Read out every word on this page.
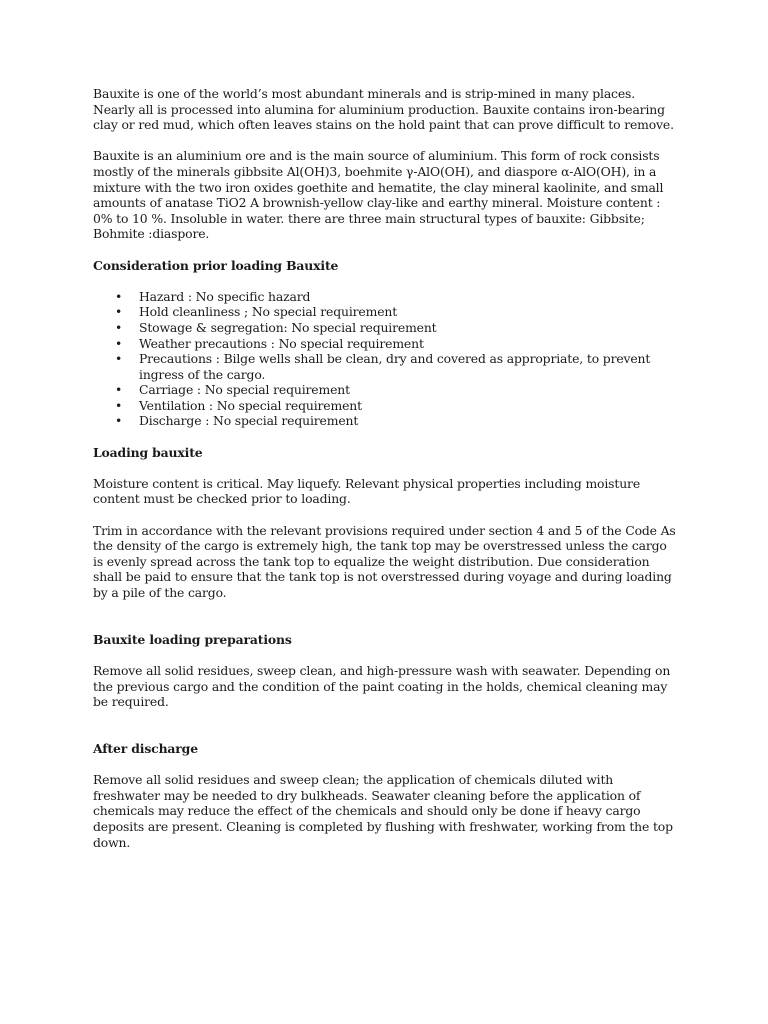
Bauxite is one of the world’s most abundant minerals and is strip-mined in many places. Nearly all is processed into alumina for aluminium production. Bauxite contains iron-bearing clay or red mud, which often leaves stains on the hold paint that can prove difficult to remove.

Bauxite is an aluminium ore and is the main source of aluminium. This form of rock consists mostly of the minerals gibbsite Al(OH)3, boehmite γ-AlO(OH), and diaspore α-AlO(OH), in a mixture with the two iron oxides goethite and hematite, the clay mineral kaolinite, and small amounts of anatase TiO2 A brownish-yellow clay-like and earthy mineral. Moisture content : 0% to 10 %. Insoluble in water. there are three main structural types of bauxite: Gibbsite; Bohmite :diaspore.

Consideration prior loading Bauxite

• Hazard : No specific hazard
• Hold cleanliness ; No special requirement
• Stowage & segregation: No special requirement
• Weather precautions : No special requirement
• Precautions : Bilge wells shall be clean, dry and covered as appropriate, to prevent ingress of the cargo.
• Carriage : No special requirement
• Ventilation : No special requirement
• Discharge : No special requirement

Loading bauxite

Moisture content is critical. May liquefy. Relevant physical properties including moisture content must be checked prior to loading.

Trim in accordance with the relevant provisions required under section 4 and 5 of the Code As the density of the cargo is extremely high, the tank top may be overstressed unless the cargo is evenly spread across the tank top to equalize the weight distribution. Due consideration shall be paid to ensure that the tank top is not overstressed during voyage and during loading by a pile of the cargo.

Bauxite loading preparations

Remove all solid residues, sweep clean, and high-pressure wash with seawater. Depending on the previous cargo and the condition of the paint coating in the holds, chemical cleaning may be required.

After discharge

Remove all solid residues and sweep clean; the application of chemicals diluted with freshwater may be needed to dry bulkheads. Seawater cleaning before the application of chemicals may reduce the effect of the chemicals and should only be done if heavy cargo deposits are present. Cleaning is completed by flushing with freshwater, working from the top down.
